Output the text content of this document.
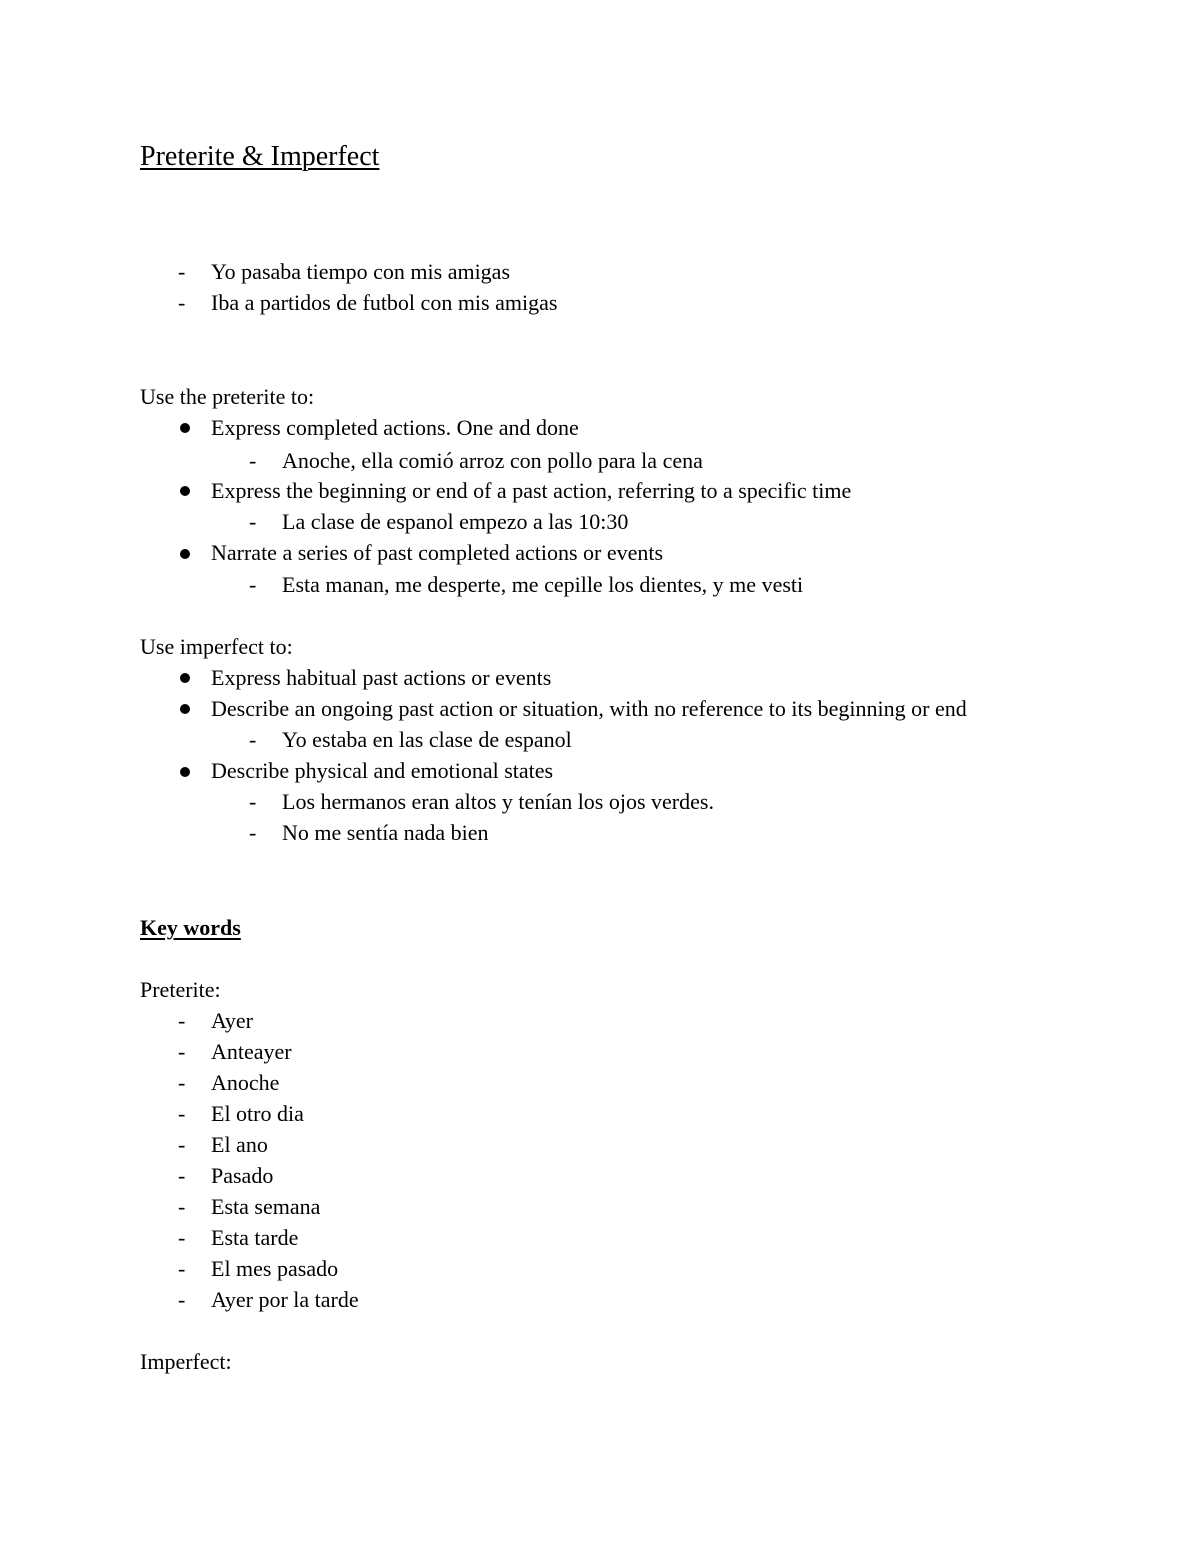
Preterite & Imperfect
- Yo pasaba tiempo con mis amigas
- Iba a partidos de futbol con mis amigas
Use the preterite to:
Express completed actions. One and done
- Anoche, ella comió arroz con pollo para la cena
Express the beginning or end of a past action, referring to a specific time
- La clase de espanol empezo a las 10:30
Narrate a series of past completed actions or events
- Esta manan, me desperte, me cepille los dientes, y me vesti
Use imperfect to:
Express habitual past actions or events
Describe an ongoing past action or situation, with no reference to its beginning or end
- Yo estaba en las clase de espanol
Describe physical and emotional states
- Los hermanos eran altos y tenían los ojos verdes.
- No me sentía nada bien
Key words
Preterite:
- Ayer
- Anteayer
- Anoche
- El otro dia
- El ano
- Pasado
- Esta semana
- Esta tarde
- El mes pasado
- Ayer por la tarde
Imperfect:
